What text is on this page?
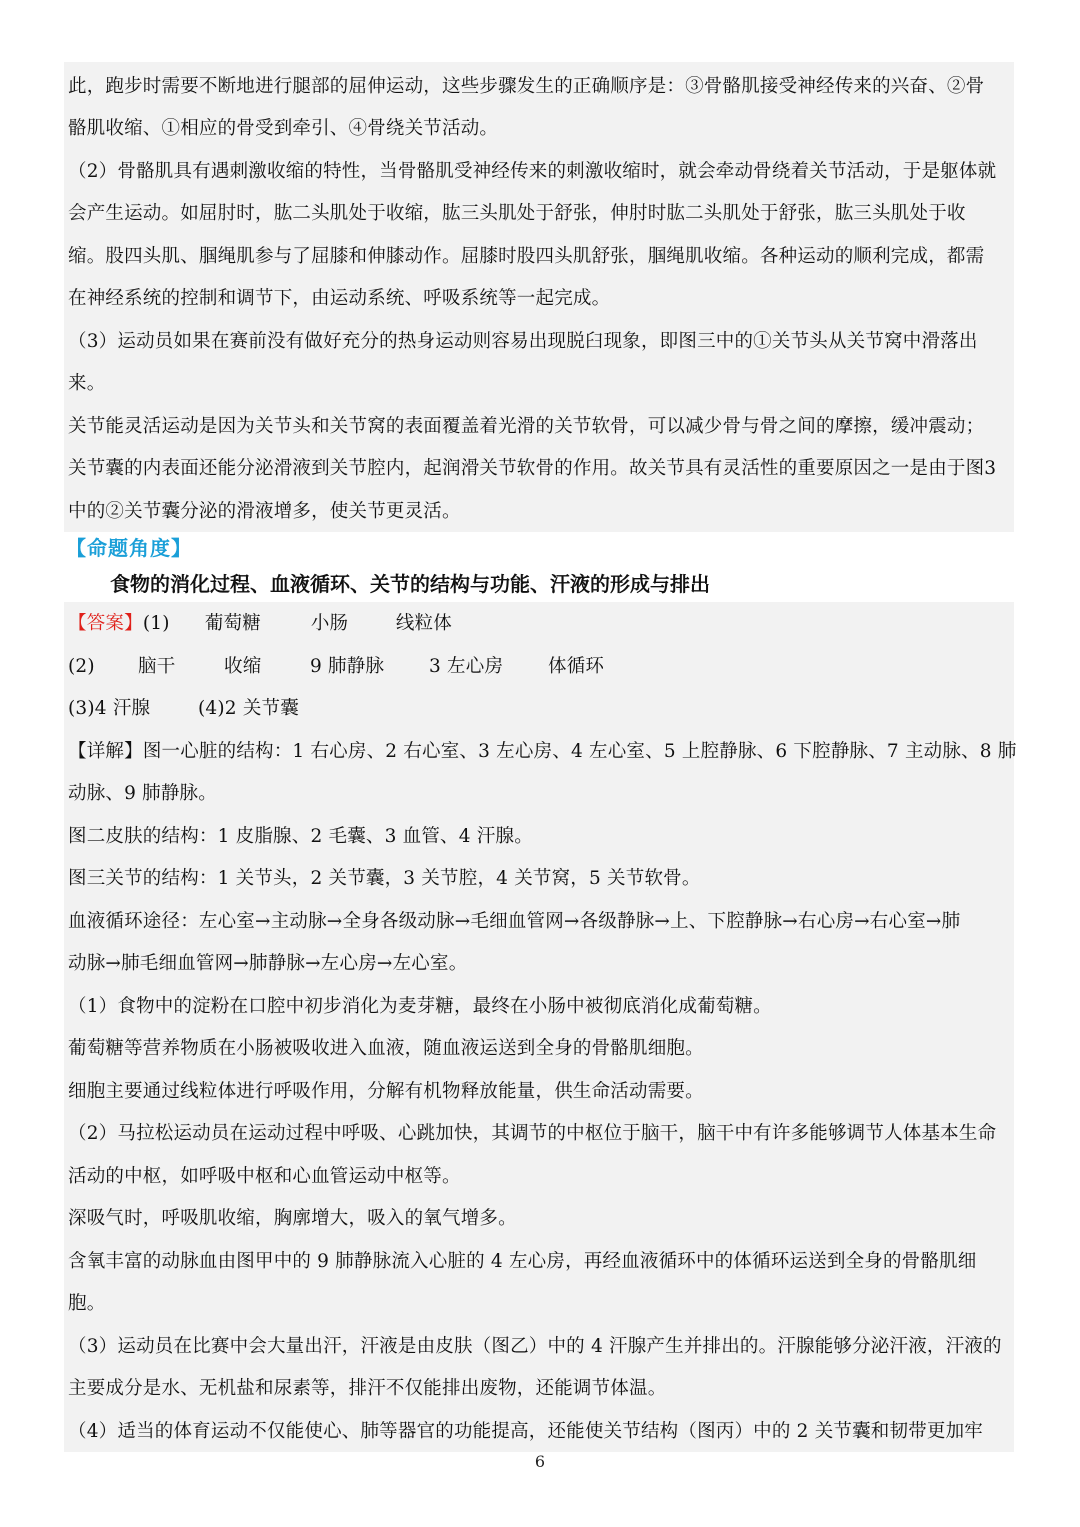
此，跑步时需要不断地进行腿部的屈伸运动，这些步骤发生的正确顺序是：③骨骼肌接受神经传来的兴奋、②骨
骼肌收缩、①相应的骨受到牵引、④骨绕关节活动。
（2）骨骼肌具有遇刺激收缩的特性，当骨骼肌受神经传来的刺激收缩时，就会牵动骨绕着关节活动，于是躯体就
会产生运动。如屈肘时，肱二头肌处于收缩，肱三头肌处于舒张，伸肘时肱二头肌处于舒张，肱三头肌处于收
缩。股四头肌、腘绳肌参与了屈膝和伸膝动作。屈膝时股四头肌舒张，腘绳肌收缩。各种运动的顺利完成，都需
在神经系统的控制和调节下，由运动系统、呼吸系统等一起完成。
（3）运动员如果在赛前没有做好充分的热身运动则容易出现脱臼现象，即图三中的①关节头从关节窝中滑落出
来。
关节能灵活运动是因为关节头和关节窝的表面覆盖着光滑的关节软骨，可以减少骨与骨之间的摩擦，缓冲震动；
关节囊的内表面还能分泌滑液到关节腔内，起润滑关节软骨的作用。故关节具有灵活性的重要原因之一是由于图3
中的②关节囊分泌的滑液增多，使关节更灵活。
【命题角度】
食物的消化过程、血液循环、关节的结构与功能、汗液的形成与排出
【答案】(1) 葡萄糖	小肠	线粒体
(2) 脑干	收缩	9 肺静脉 3 左心房 体循环
(3)4 汗腺	(4)2 关节囊
【详解】图一心脏的结构：1 右心房、2 右心室、3 左心房、4 左心室、5 上腔静脉、6 下腔静脉、7 主动脉、8 肺
动脉、9 肺静脉。
图二皮肤的结构：1 皮脂腺、2 毛囊、3 血管、4 汗腺。
图三关节的结构：1 关节头，2 关节囊，3 关节腔，4 关节窝，5 关节软骨。
血液循环途径：左心室→主动脉→全身各级动脉→毛细血管网→各级静脉→上、下腔静脉→右心房→右心室→肺
动脉→肺毛细血管网→肺静脉→左心房→左心室。
（1）食物中的淀粉在口腔中初步消化为麦芽糖，最终在小肠中被彻底消化成葡萄糖。
葡萄糖等营养物质在小肠被吸收进入血液，随血液运送到全身的骨骼肌细胞。
细胞主要通过线粒体进行呼吸作用，分解有机物释放能量，供生命活动需要。
（2）马拉松运动员在运动过程中呼吸、心跳加快，其调节的中枢位于脑干，脑干中有许多能够调节人体基本生命
活动的中枢，如呼吸中枢和心血管运动中枢等。
深吸气时，呼吸肌收缩，胸廓增大，吸入的氧气增多。
含氧丰富的动脉血由图甲中的 9 肺静脉流入心脏的 4 左心房，再经血液循环中的体循环运送到全身的骨骼肌细
胞。
（3）运动员在比赛中会大量出汗，汗液是由皮肤（图乙）中的 4 汗腺产生并排出的。汗腺能够分泌汗液，汗液的
主要成分是水、无机盐和尿素等，排汗不仅能排出废物，还能调节体温。
（4）适当的体育运动不仅能使心、肺等器官的功能提高，还能使关节结构（图丙）中的 2 关节囊和韧带更加牢
6
